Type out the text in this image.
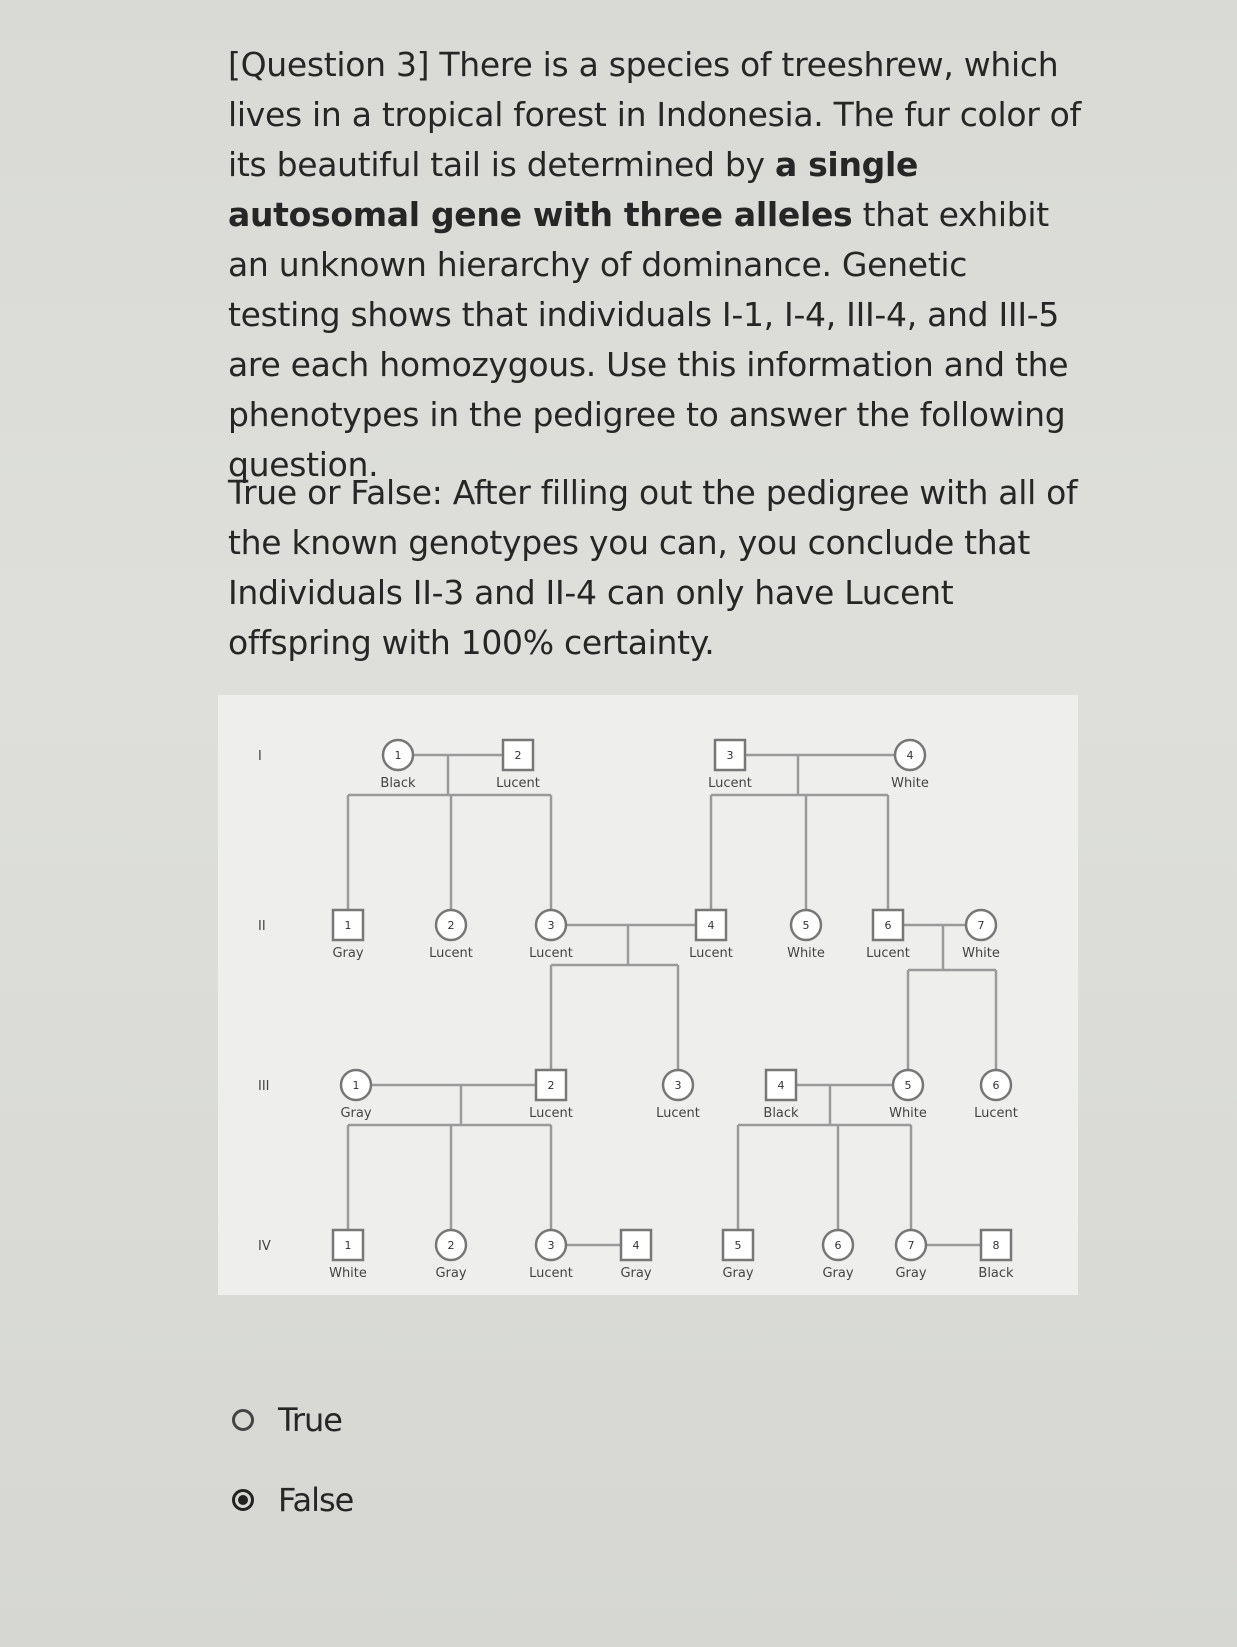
[Question 3] There is a species of treeshrew, which lives in a tropical forest in Indonesia. The fur color of its beautiful tail is determined by a single autosomal gene with three alleles that exhibit an unknown hierarchy of dominance. Genetic testing shows that individuals I-1, I-4, III-4, and III-5 are each homozygous. Use this information and the phenotypes in the pedigree to answer the following question.

True or False: After filling out the pedigree with all of the known genotypes you can, you conclude that Individuals II-3 and II-4 can only have Lucent offspring with 100% certainty.

I
II
III
IV
1
Black
2
Lucent
3
Lucent
4
White
1
Gray
2
Lucent
3
Lucent
4
Lucent
5
White
6
Lucent
7
White
1
Gray
2
Lucent
3
Lucent
4
Black
5
White
6
Lucent
1
White
2
Gray
3
Lucent
4
Gray
5
Gray
6
Gray
7
Gray
8
Black
True
False
